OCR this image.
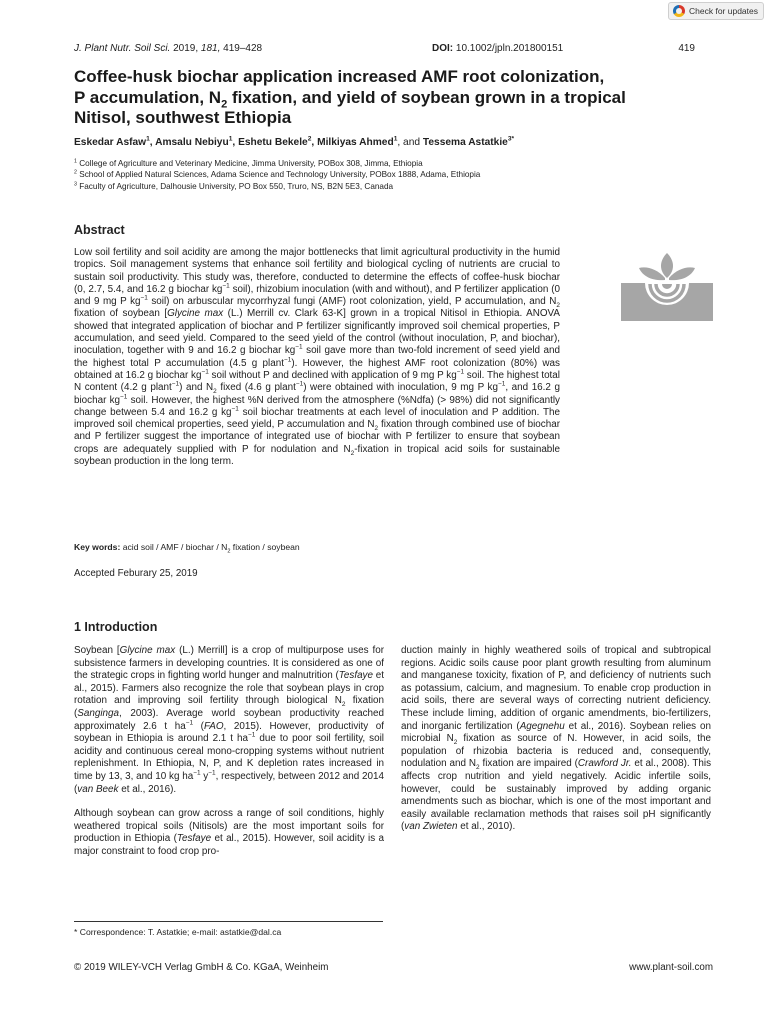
Check for updates
J. Plant Nutr. Soil Sci. 2019, 181, 419–428	DOI: 10.1002/jpln.201800151	419
Coffee-husk biochar application increased AMF root colonization,
P accumulation, $N_2$ fixation, and yield of soybean grown in a tropical
Nitisol, southwest Ethiopia
Eskedar Asfaw$^1$, Amsalu Nebiyu$^1$, Eshetu Bekele$^2$, Milkiyas Ahmed$^1$, and Tessema Astatkie$^{3*}$
$^1$ College of Agriculture and Veterinary Medicine, Jimma University, POBox 308, Jimma, Ethiopia
$^2$ School of Applied Natural Sciences, Adama Science and Technology University, POBox 1888, Adama, Ethiopia
$^3$ Faculty of Agriculture, Dalhousie University, PO Box 550, Truro, NS, B2N 5E3, Canada
Abstract
Low soil fertility and soil acidity are among the major bottlenecks that limit agricultural productivity in the humid tropics. Soil management systems that enhance soil fertility and biological cycling of nutrients are crucial to sustain soil productivity. This study was, therefore, conducted to determine the effects of coffee-husk biochar (0, 2.7, 5.4, and 16.2 g biochar $kg^{-1}$ soil), rhizobium inoculation (with and without), and P fertilizer application (0 and 9 mg P $kg^{-1}$ soil) on arbuscular mycorrhyzal fungi (AMF) root colonization, yield, P accumulation, and $N_2$ fixation of soybean [Glycine max (L.) Merrill cv. Clark 63-K] grown in a tropical Nitisol in Ethiopia. ANOVA showed that integrated application of biochar and P fertilizer significantly improved soil chemical properties, P accumulation, and seed yield. Compared to the seed yield of the control (without inoculation, P, and biochar), inoculation, together with 9 and 16.2 g biochar $kg^{-1}$ soil gave more than two-fold increment of seed yield and the highest total P accumulation (4.5 g plant$^{-1}$). However, the highest AMF root colonization (80%) was obtained at 16.2 g biochar $kg^{-1}$ soil without P and declined with application of 9 mg P $kg^{-1}$ soil. The highest total N content (4.2 g plant$^{-1}$) and $N_2$ fixed (4.6 g plant$^{-1}$) were obtained with inoculation, 9 mg P $kg^{-1}$, and 16.2 g biochar $kg^{-1}$ soil. However, the highest %N derived from the atmosphere (%Ndfa) (> 98%) did not significantly change between 5.4 and 16.2 g $kg^{-1}$ soil biochar treatments at each level of inoculation and P addition. The improved soil chemical properties, seed yield, P accumulation and $N_2$ fixation through combined use of biochar and P fertilizer suggest the importance of integrated use of biochar with P fertilizer to ensure that soybean crops are adequately supplied with P for nodulation and $N_2$-fixation in tropical acid soils for sustainable soybean production in the long term.
Key words: acid soil / AMF / biochar / $N_2$ fixation / soybean
Accepted Feburary 25, 2019
1 Introduction

Soybean [Glycine max (L.) Merrill] is a crop of multipurpose uses for subsistence farmers in developing countries. It is considered as one of the strategic crops in fighting world hunger and malnutrition (Tesfaye et al., 2015). Farmers also recognize the role that soybean plays in crop rotation and improving soil fertility through biological $N_2$ fixation (Sanginga, 2003). Average world soybean productivity reached approximately 2.6 t $ha^{-1}$ (FAO, 2015). However, productivity of soybean in Ethiopia is around 2.1 t $ha^{-1}$ due to poor soil fertility, soil acidity and continuous cereal mono-cropping systems without nutrient replenishment. In Ethiopia, N, P, and K depletion rates increased in time by 13, 3, and 10 kg $ha^{-1}$ $y^{-1}$, respectively, between 2012 and 2014 (van Beek et al., 2016).

Although soybean can grow across a range of soil conditions, highly weathered tropical soils (Nitisols) are the most important soils for production in Ethiopia (Tesfaye et al., 2015). However, soil acidity is a major constraint to food crop pro-

duction mainly in highly weathered soils of tropical and subtropical regions. Acidic soils cause poor plant growth resulting from aluminum and manganese toxicity, fixation of P, and deficiency of nutrients such as potassium, calcium, and magnesium. To enable crop production in acid soils, there are several ways of correcting nutrient deficiency. These include liming, addition of organic amendments, bio-fertilizers, and inorganic fertilization (Agegnehu et al., 2016). Soybean relies on microbial $N_2$ fixation as source of N. However, in acid soils, the population of rhizobia bacteria is reduced and, consequently, nodulation and $N_2$ fixation are impaired (Crawford Jr. et al., 2008). This affects crop nutrition and yield negatively. Acidic infertile soils, however, could be sustainably improved by adding organic amendments such as biochar, which is one of the most important and easily available reclamation methods that raises soil pH significantly (van Zwieten et al., 2010).

* Correspondence: T. Astatkie; e-mail: astatkie@dal.ca
© 2019 WILEY-VCH Verlag GmbH & Co. KGaA, Weinheim	www.plant-soil.com
